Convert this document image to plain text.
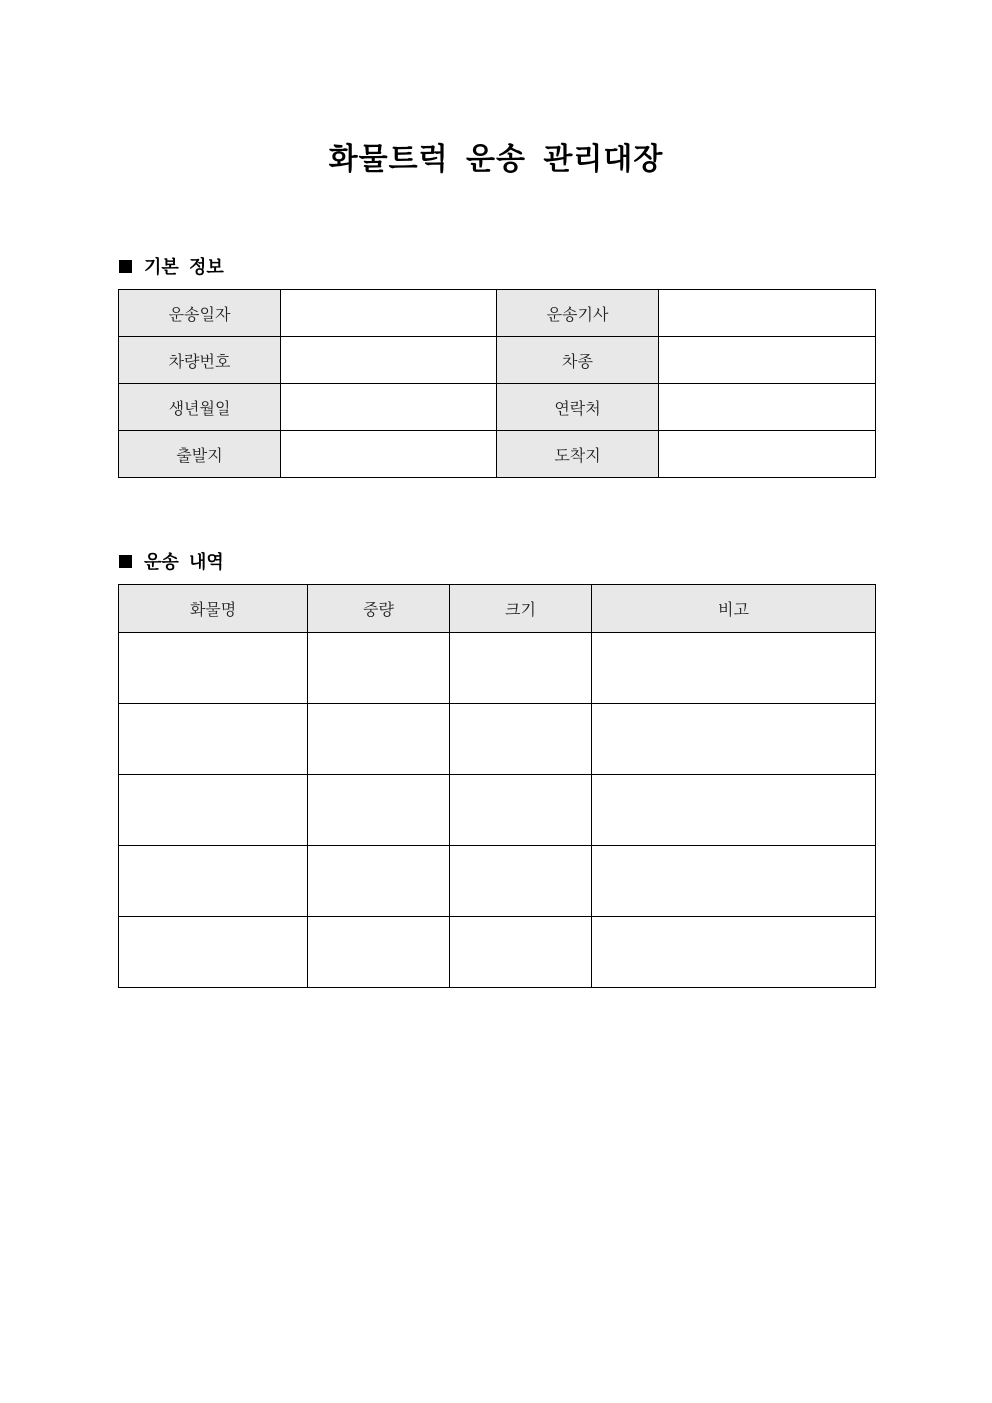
화물트럭 운송 관리대장
기본 정보
운송일자		운송기사	
차량번호		차종	
생년월일		연락처	
출발지		도착지	
운송 내역
화물명	중량	크기	비고
